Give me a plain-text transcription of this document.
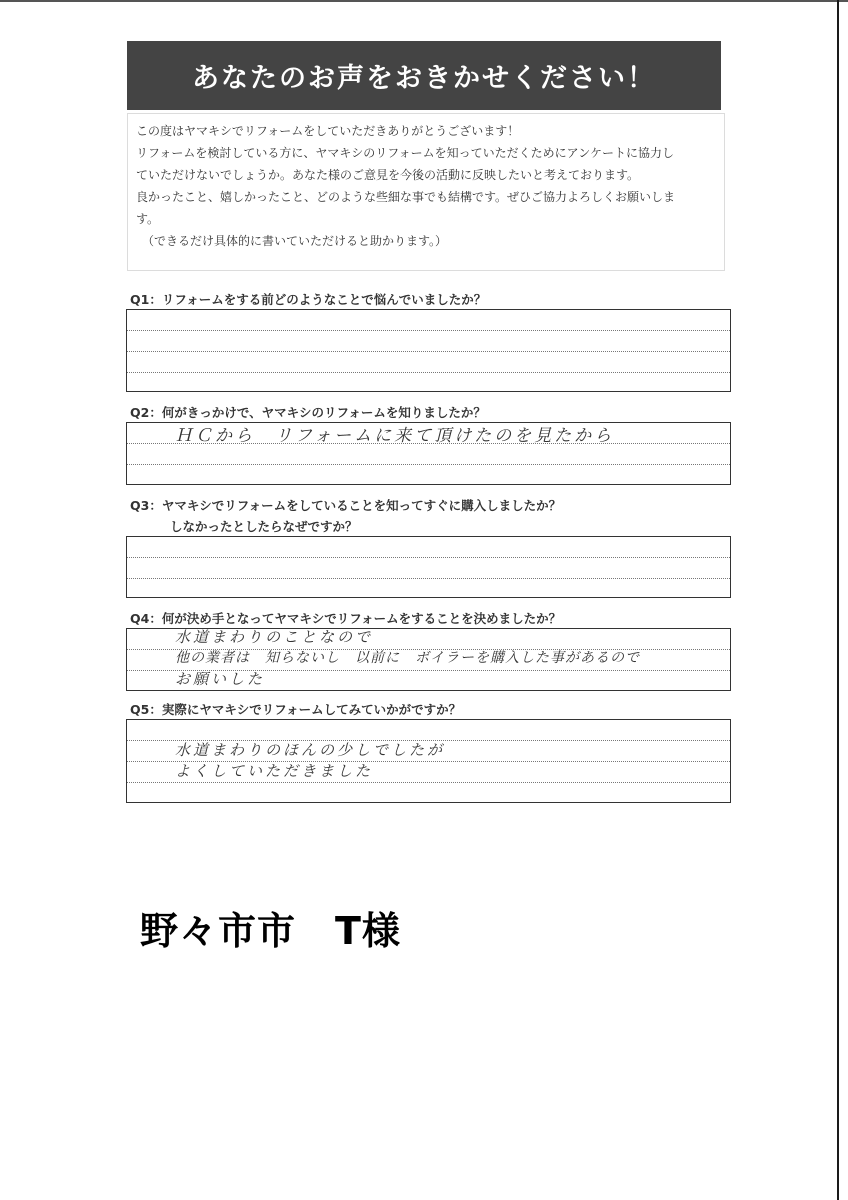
あなたのお声をおきかせください！

この度はヤマキシでリフォームをしていただきありがとうございます！

リフォームを検討している方に、ヤマキシのリフォームを知っていただくためにアンケートに協力し

ていただけないでしょうか。あなた様のご意見を今後の活動に反映したいと考えております。

良かったこと、嬉しかったこと、どのような些細な事でも結構です。ぜひご協力よろしくお願いしま

す。

（できるだけ具体的に書いていただけると助かります。）

Q1：リフォームをする前どのようなことで悩んでいましたか？
Q2：何がきっかけで、ヤマキシのリフォームを知りましたか？
ＨＣから　リフォームに来て頂けたのを見たから
Q3：ヤマキシでリフォームをしていることを知ってすぐに購入しましたか？
しなかったとしたらなぜですか？
Q4：何が決め手となってヤマキシでリフォームをすることを決めましたか？
水道まわりのことなので
他の業者は　知らないし　以前に　ボイラーを購入した事があるので
お願いした
Q5：実際にヤマキシでリフォームしてみていかがですか？
水道まわりのほんの少しでしたが
よくしていただきました
野々市市　T様
